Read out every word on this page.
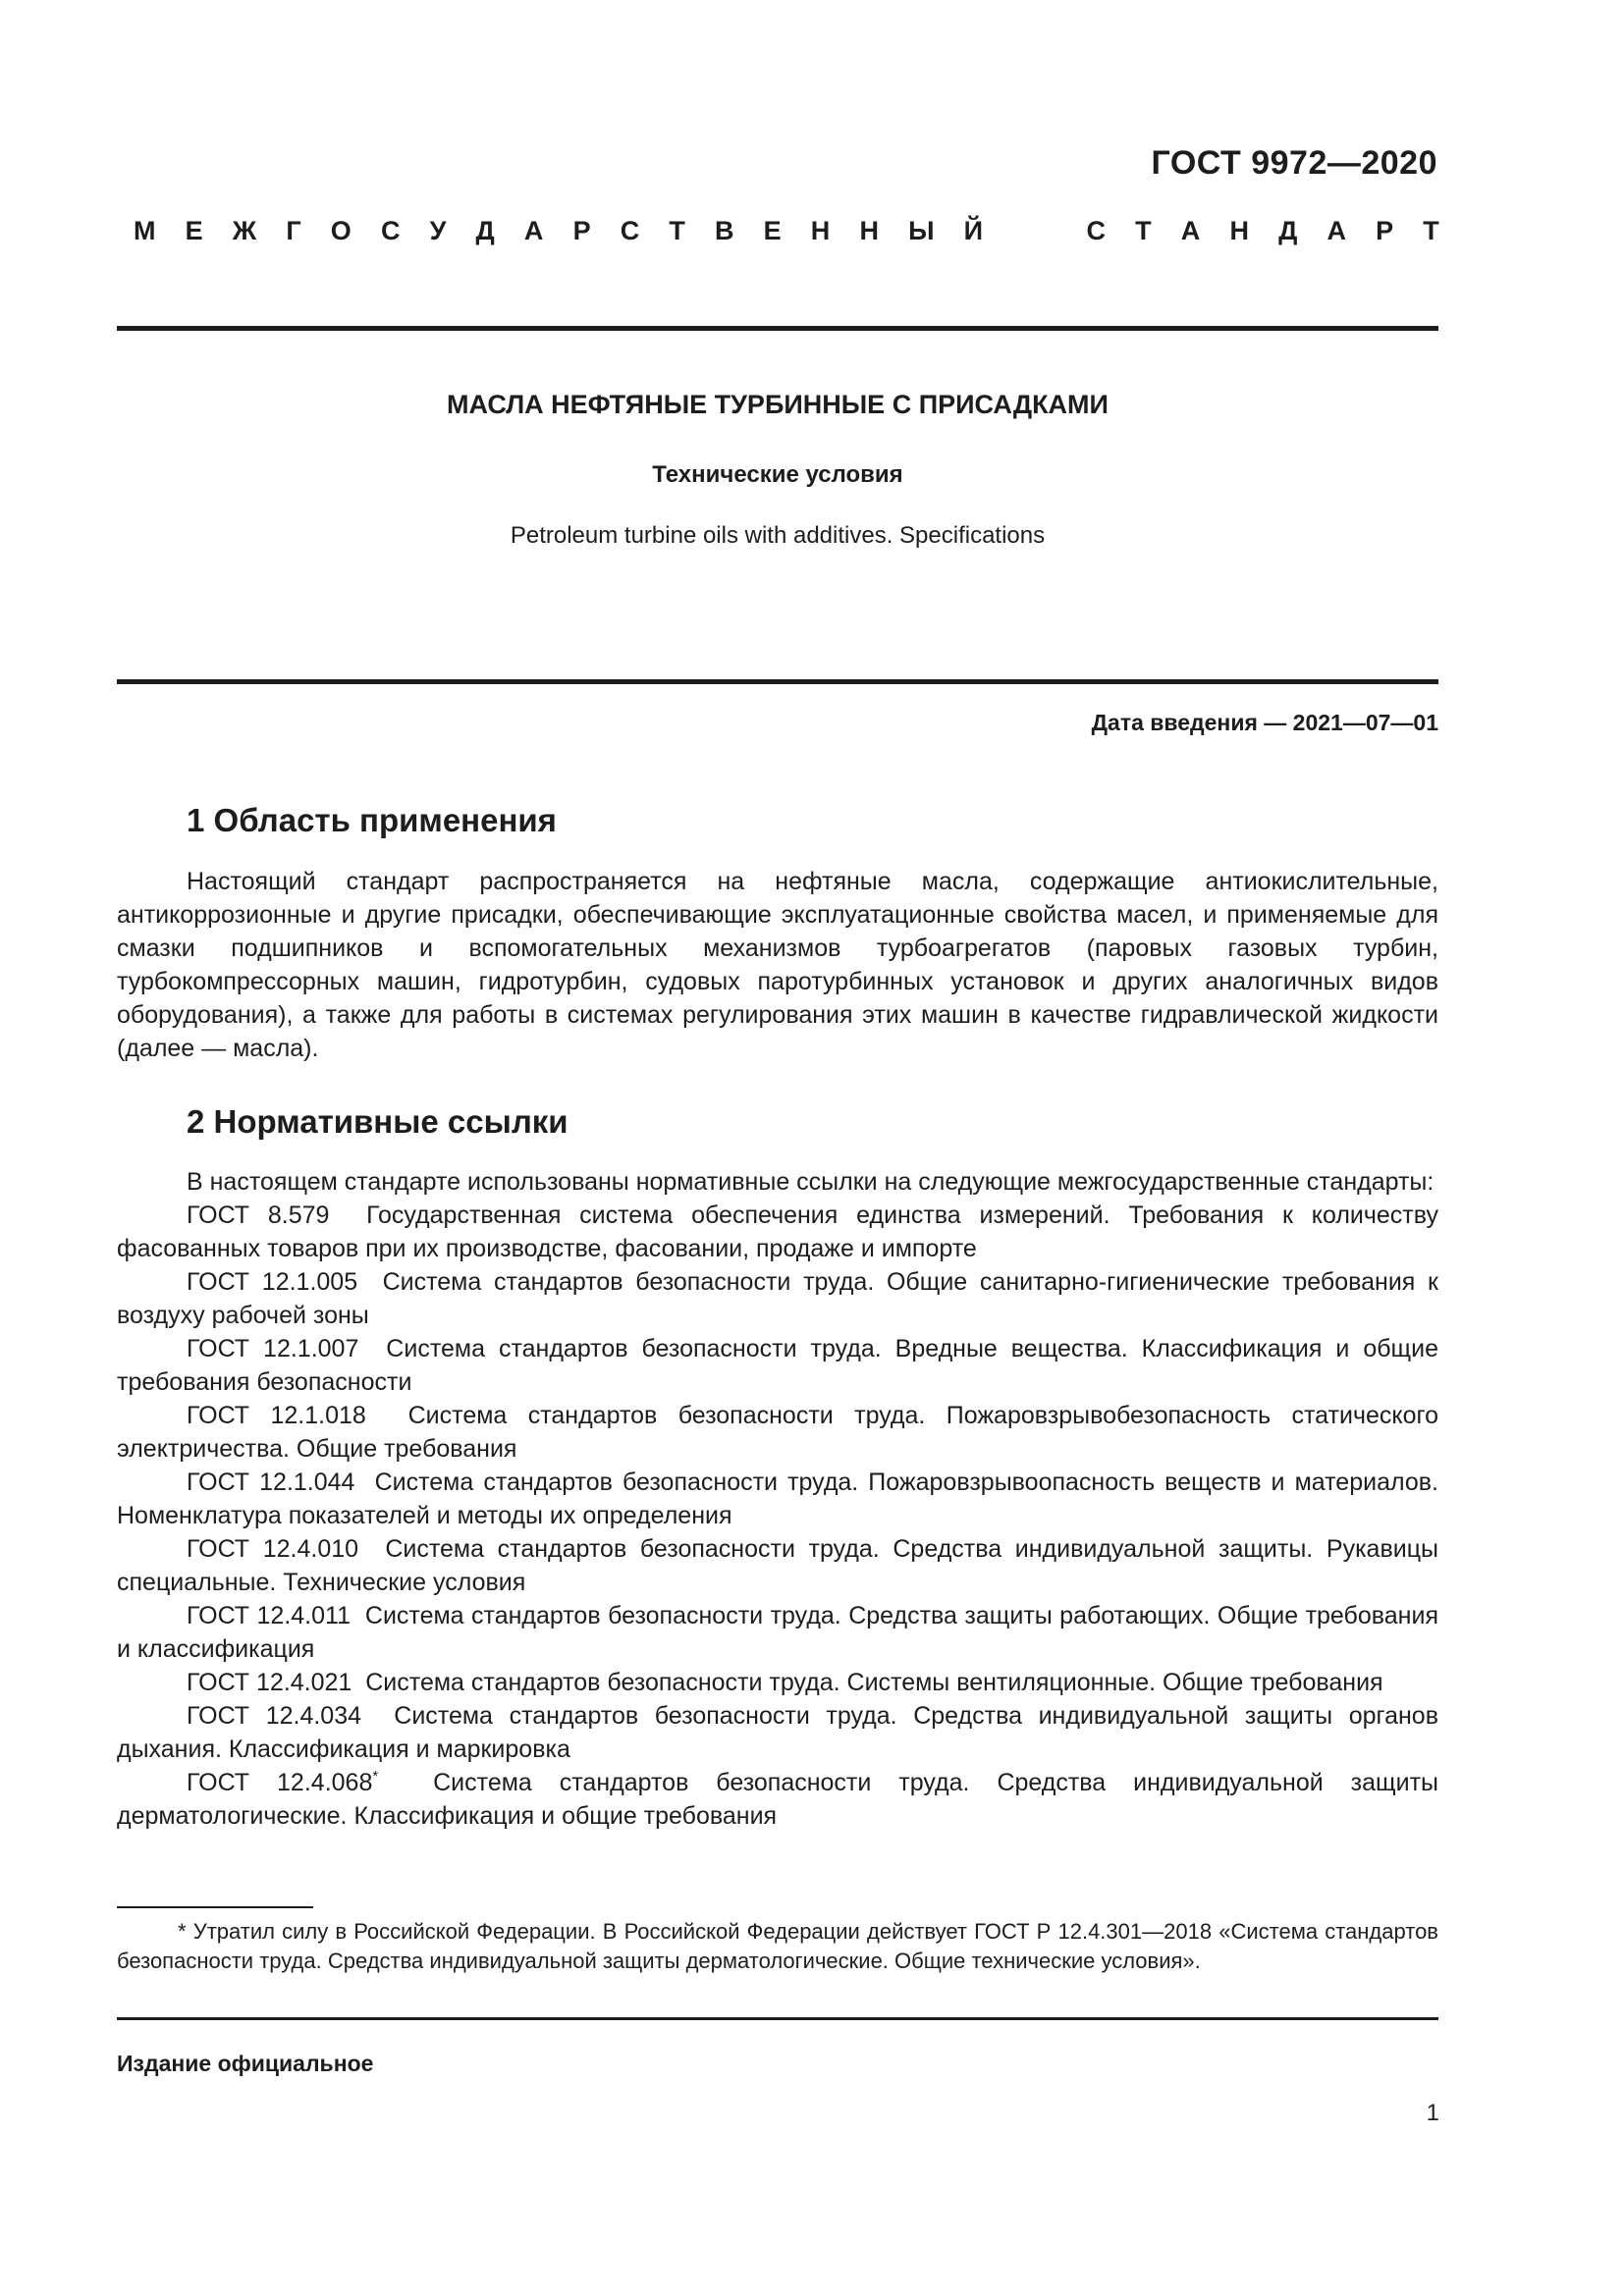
ГОСТ 9972—2020
М Е Ж Г О С У Д А Р С Т В Е Н Н Ы Й

	С Т А Н Д А Р Т
МАСЛА НЕФТЯНЫЕ ТУРБИННЫЕ С ПРИСАДКАМИ
Технические условия
Petroleum turbine oils with additives. Specifications
Дата введения — 2021—07—01
1 Область применения

Настоящий стандарт распространяется на нефтяные масла, содержащие антиокислительные, антикоррозионные и другие присадки, обеспечивающие эксплуатационные свойства масел, и применяемые для смазки подшипников и вспомогательных механизмов турбоагрегатов (паровых газовых турбин, турбокомпрессорных машин, гидротурбин, судовых паротурбинных установок и других аналогичных видов оборудования), а также для работы в системах регулирования этих машин в качестве гидравлической жидкости (далее — масла).

2 Нормативные ссылки

В настоящем стандарте использованы нормативные ссылки на следующие межгосударственные стандарты:

ГОСТ 8.579 Государственная система обеспечения единства измерений. Требования к количеству фасованных товаров при их производстве, фасовании, продаже и импорте

ГОСТ 12.1.005 Система стандартов безопасности труда. Общие санитарно-гигиенические требования к воздуху рабочей зоны

ГОСТ 12.1.007 Система стандартов безопасности труда. Вредные вещества. Классификация и общие требования безопасности

ГОСТ 12.1.018 Система стандартов безопасности труда. Пожаровзрывобезопасность статического электричества. Общие требования

ГОСТ 12.1.044 Система стандартов безопасности труда. Пожаровзрывоопасность веществ и материалов. Номенклатура показателей и методы их определения

ГОСТ 12.4.010 Система стандартов безопасности труда. Средства индивидуальной защиты. Рукавицы специальные. Технические условия

ГОСТ 12.4.011 Система стандартов безопасности труда. Средства защиты работающих. Общие требования и классификация

ГОСТ 12.4.021 Система стандартов безопасности труда. Системы вентиляционные. Общие требования

ГОСТ 12.4.034 Система стандартов безопасности труда. Средства индивидуальной защиты органов дыхания. Классификация и маркировка

ГОСТ 12.4.068* Система стандартов безопасности труда. Средства индивидуальной защиты дерматологические. Классификация и общие требования

* Утратил силу в Российской Федерации. В Российской Федерации действует ГОСТ Р 12.4.301—2018 «Система стандартов безопасности труда. Средства индивидуальной защиты дерматологические. Общие технические условия».

Издание официальное
1
